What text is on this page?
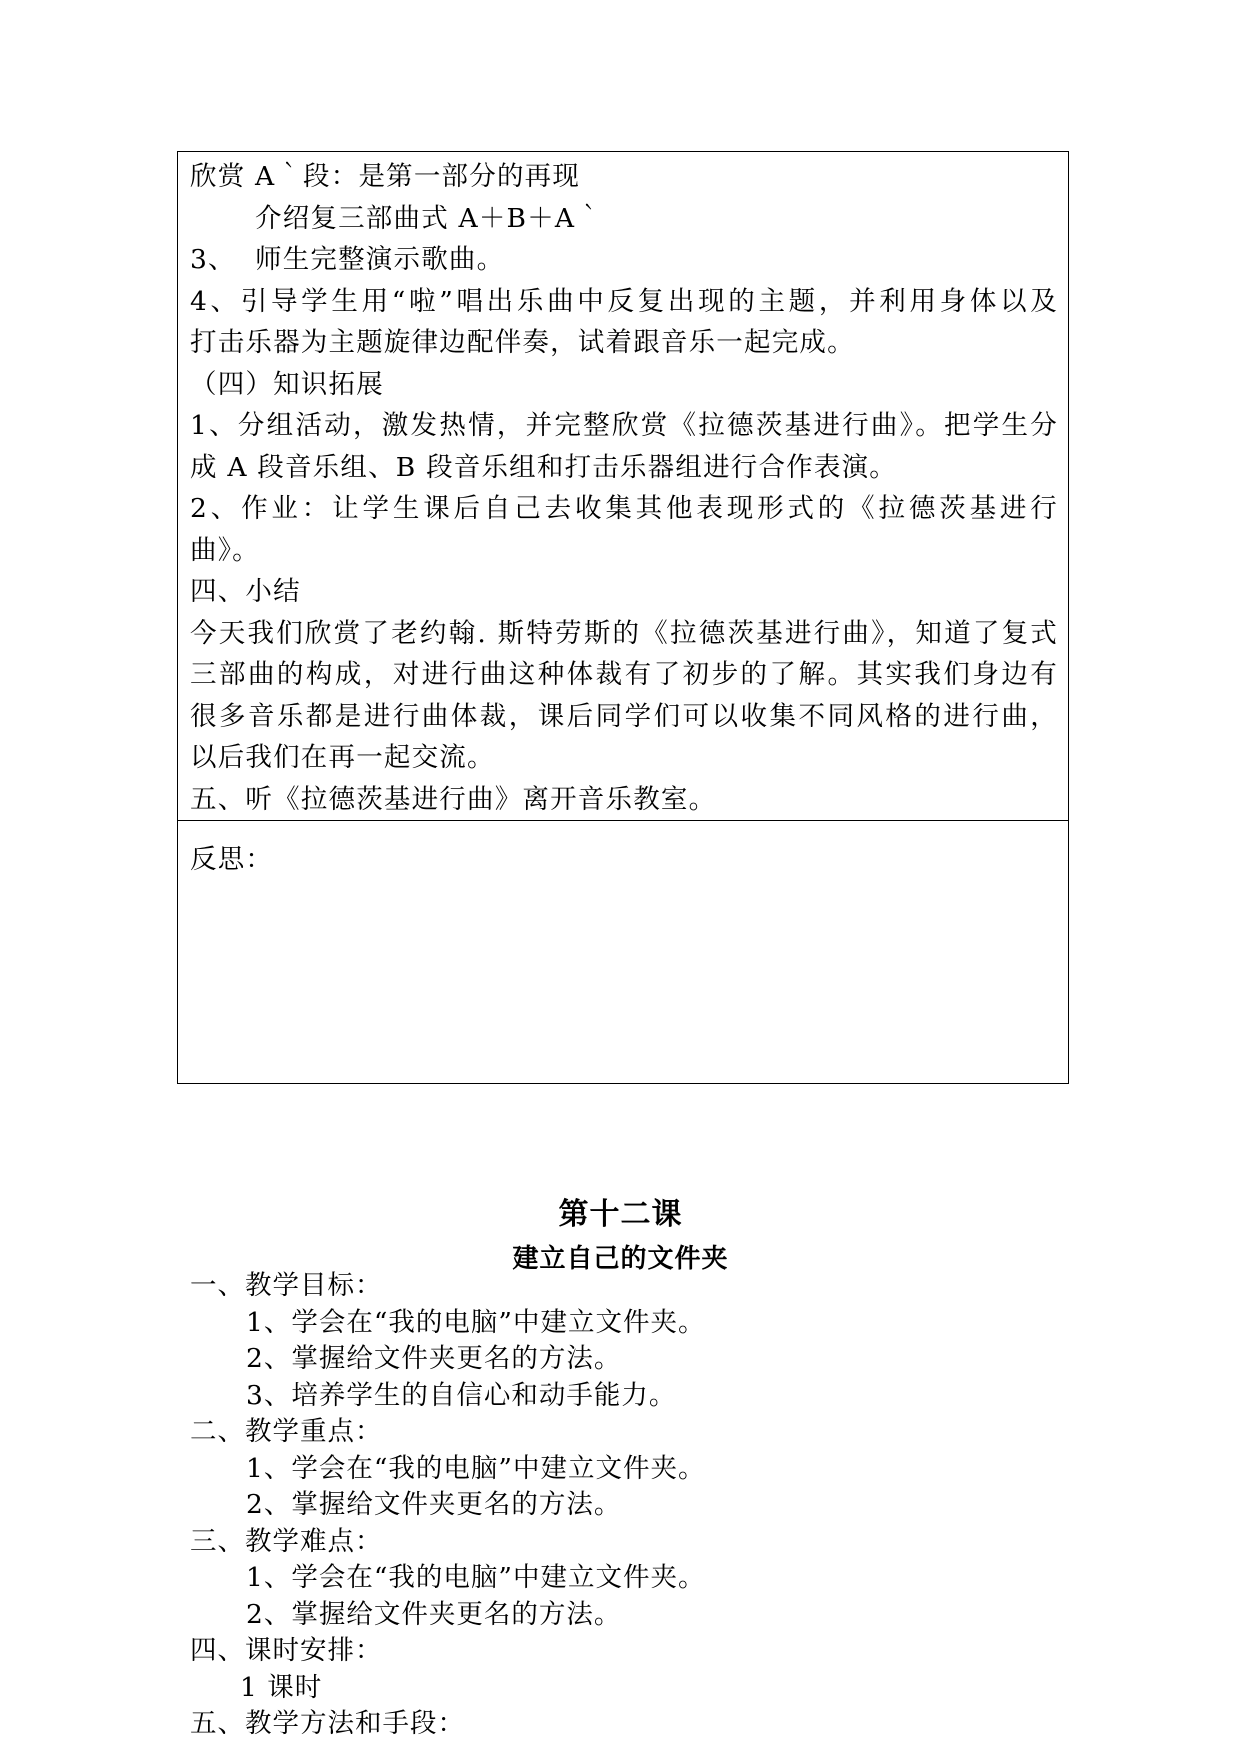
欣赏 A｀段：是第一部分的再现
介绍复三部曲式 A＋B＋A｀
3、  师生完整演示歌曲。
4、引导学生用“啦”唱出乐曲中反复出现的主题，并利用身体以及
打击乐器为主题旋律边配伴奏，试着跟音乐一起完成。
（四）知识拓展
1、分组活动，激发热情，并完整欣赏《拉德茨基进行曲》。把学生分
成 A 段音乐组、B 段音乐组和打击乐器组进行合作表演。
2、作业：让学生课后自己去收集其他表现形式的《拉德茨基进行
曲》。
四、小结
今天我们欣赏了老约翰. 斯特劳斯的《拉德茨基进行曲》，知道了复式
三部曲的构成，对进行曲这种体裁有了初步的了解。其实我们身边有
很多音乐都是进行曲体裁，课后同学们可以收集不同风格的进行曲，
以后我们在再一起交流。
五、听《拉德茨基进行曲》离开音乐教室。
反思：
第十二课
建立自己的文件夹
一、教学目标：
1、学会在“我的电脑”中建立文件夹。
2、掌握给文件夹更名的方法。
3、培养学生的自信心和动手能力。
二、教学重点：
1、学会在“我的电脑”中建立文件夹。
2、掌握给文件夹更名的方法。
三、教学难点：
1、学会在“我的电脑”中建立文件夹。
2、掌握给文件夹更名的方法。
四、课时安排：
1 课时
五、教学方法和手段：
